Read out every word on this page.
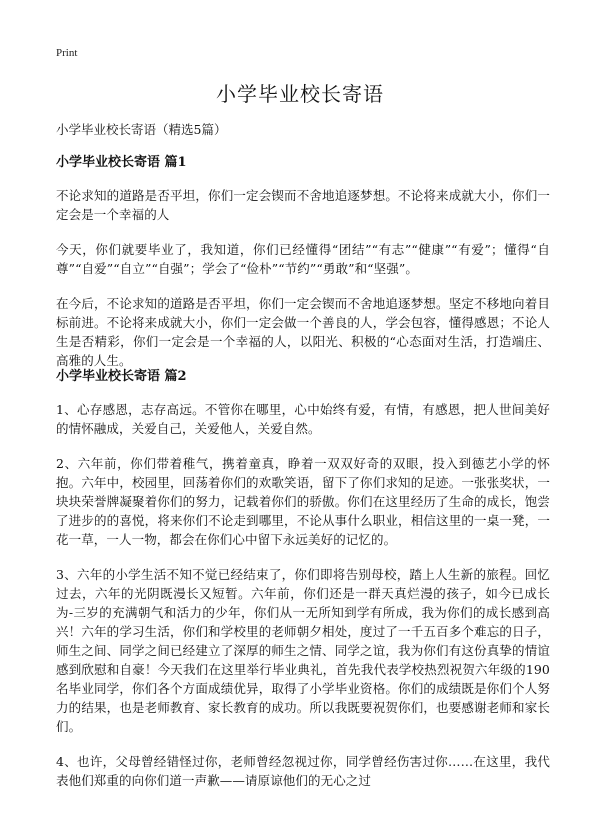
Print
小学毕业校长寄语
小学毕业校长寄语（精选5篇）
小学毕业校长寄语 篇1

不论求知的道路是否平坦，你们一定会锲而不舍地追逐梦想。不论将来成就大小，你们一定会是一个幸福的人

今天，你们就要毕业了，我知道，你们已经懂得“团结”“有志”“健康”“有爱”；懂得“自尊”“自爱”“自立”“自强”；学会了“俭朴”“节约”“勇敢”和“坚强”。

在今后，不论求知的道路是否平坦，你们一定会锲而不舍地追逐梦想。坚定不移地向着目标前进。不论将来成就大小，你们一定会做一个善良的人，学会包容，懂得感恩；不论人生是否精彩，你们一定会是一个幸福的人，以阳光、积极的“心态面对生活，打造端庄、高雅的人生。

小学毕业校长寄语 篇2

1、心存感恩，志存高远。不管你在哪里，心中始终有爱，有情，有感恩，把人世间美好的情怀融成，关爱自己，关爱他人，关爱自然。

2、六年前，你们带着稚气，携着童真，睁着一双双好奇的双眼，投入到德艺小学的怀抱。六年中，校园里，回荡着你们的欢歌笑语，留下了你们求知的足迹。一张张奖状，一块块荣誉牌凝聚着你们的努力，记载着你们的骄傲。你们在这里经历了生命的成长，饱尝了进步的的喜悦，将来你们不论走到哪里，不论从事什么职业，相信这里的一桌一凳，一花一草，一人一物，都会在你们心中留下永远美好的记忆的。

3、六年的小学生活不知不觉已经结束了，你们即将告别母校，踏上人生新的旅程。回忆过去，六年的光阴既漫长又短暂。六年前，你们还是一群天真烂漫的孩子，如今已成长为-三岁的充满朝气和活力的少年，你们从一无所知到学有所成，我为你们的成长感到高兴！六年的学习生活，你们和学校里的老师朝夕相处，度过了一千五百多个难忘的日子，师生之间、同学之间已经建立了深厚的师生之情、同学之谊，我为你们有这份真挚的情谊感到欣慰和自豪！今天我们在这里举行毕业典礼，首先我代表学校热烈祝贺六年级的190名毕业同学，你们各个方面成绩优异，取得了小学毕业资格。你们的成绩既是你们个人努力的结果，也是老师教育、家长教育的成功。所以我既要祝贺你们，也要感谢老师和家长们。

4、也许，父母曾经错怪过你，老师曾经忽视过你，同学曾经伤害过你……在这里，我代表他们郑重的向你们道一声歉——请原谅他们的无心之过
